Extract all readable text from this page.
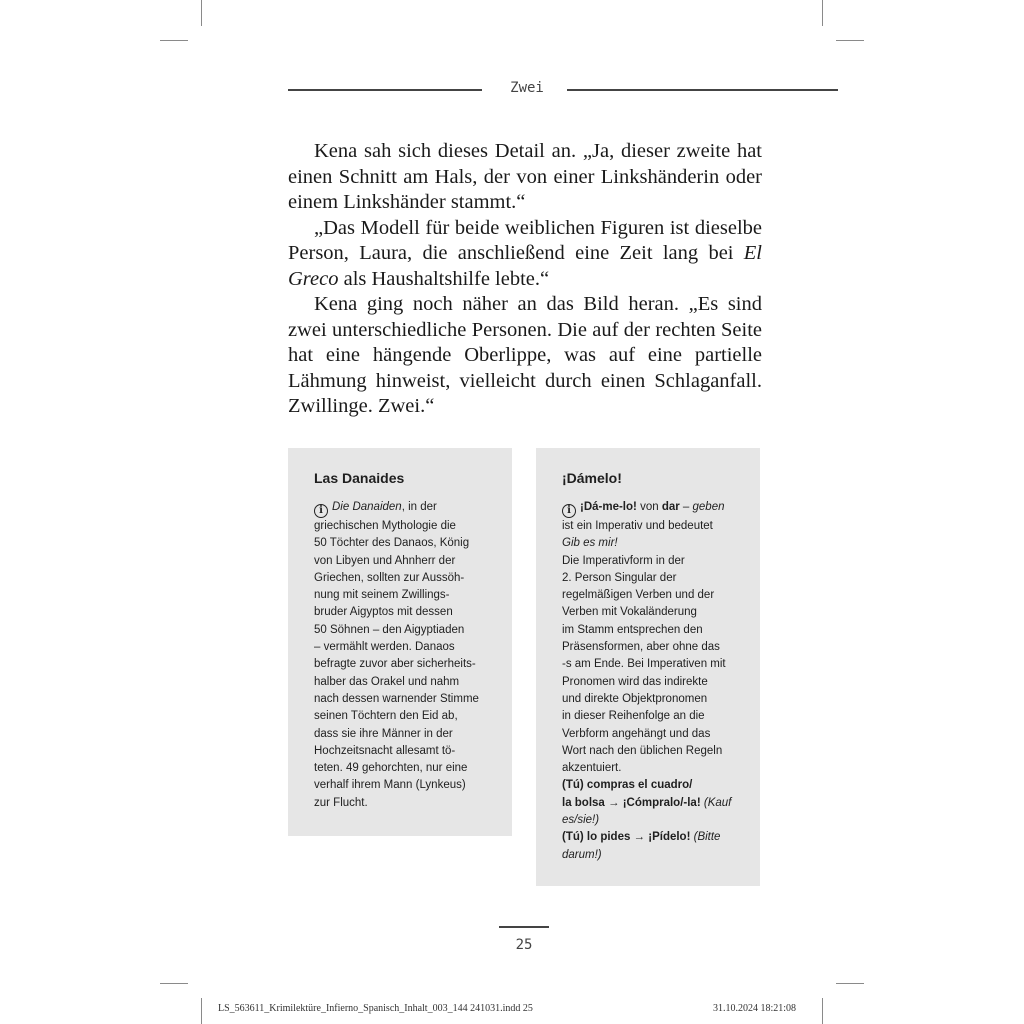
Zwei

Kena sah sich dieses Detail an. „Ja, dieser zweite hat einen Schnitt am Hals, der von einer Linkshänderin oder einem Linkshänder stammt.“

„Das Modell für beide weiblichen Figuren ist dieselbe Person, Laura, die anschließend eine Zeit lang bei El Greco als Haushaltshilfe lebte.“

Kena ging noch näher an das Bild heran. „Es sind zwei unterschiedliche Personen. Die auf der rechten Seite hat eine hängende Oberlippe, was auf eine partielle Lähmung hinweist, vielleicht durch einen Schlaganfall. Zwillinge. Zwei.“

Las Danaides
i Die Danaiden, in der
griechischen Mythologie die
50 Töchter des Danaos, König
von Libyen und Ahnherr der
Griechen, sollten zur Aussöh-
nung mit seinem Zwillings-
bruder Aigyptos mit dessen
50 Söhnen – den Aigyptiaden
– vermählt werden. Danaos
befragte zuvor aber sicherheits-
halber das Orakel und nahm
nach dessen warnender Stimme
seinen Töchtern den Eid ab,
dass sie ihre Männer in der
Hochzeitsnacht allesamt tö-
teten. 49 gehorchten, nur eine
verhalf ihrem Mann (Lynkeus)
zur Flucht.
¡Dámelo!
i ¡Dá-me-lo! von dar – geben
ist ein Imperativ und bedeutet
Gib es mir!
Die Imperativform in der
2. Person Singular der
regelmäßigen Verben und der
Verben mit Vokaländerung
im Stamm entsprechen den
Präsensformen, aber ohne das
-s am Ende. Bei Imperativen mit
Pronomen wird das indirekte
und direkte Objektpronomen
in dieser Reihenfolge an die
Verbform angehängt und das
Wort nach den üblichen Regeln
akzentuiert.
(Tú) compras el cuadro/
la bolsa → ¡Cómpralo/-la! (Kauf
es/sie!)
(Tú) lo pides → ¡Pídelo! (Bitte
darum!)
25
LS_563611_Krimilektüre_Infierno_Spanisch_Inhalt_003_144 241031.indd 25	31.10.2024 18:21:08
